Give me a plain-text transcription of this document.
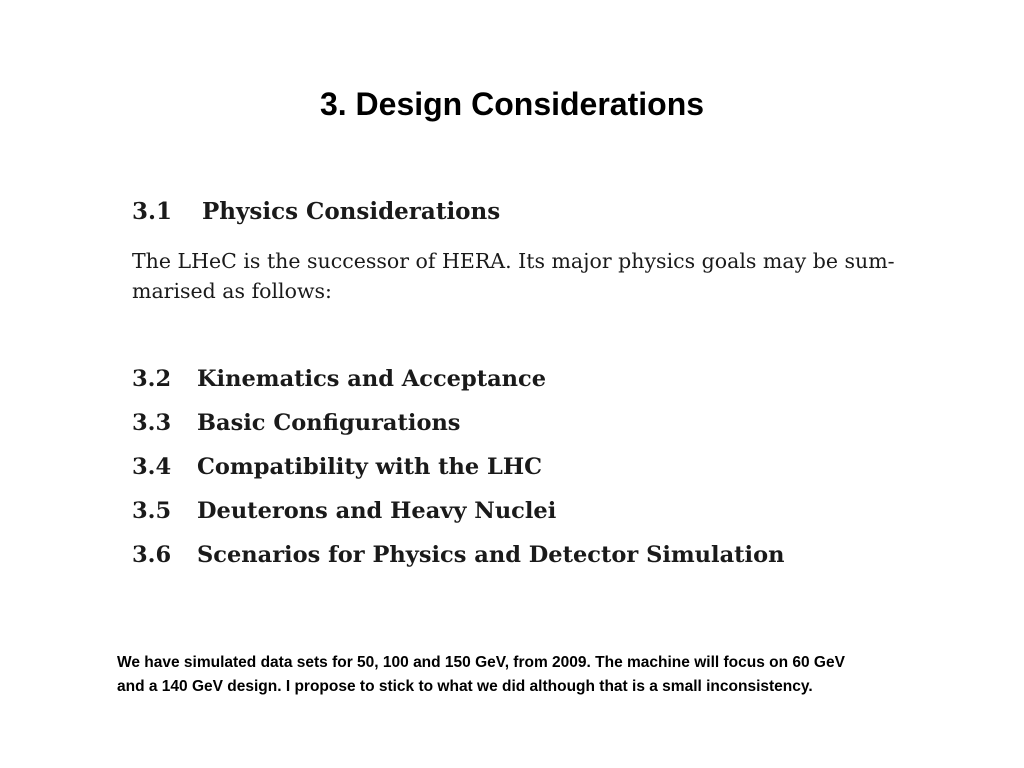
3. Design Considerations
3.1 Physics Considerations
The LHeC is the successor of HERA. Its major physics goals may be sum-
marised as follows:
3.2 Kinematics and Acceptance
3.3 Basic Configurations
3.4 Compatibility with the LHC
3.5 Deuterons and Heavy Nuclei
3.6 Scenarios for Physics and Detector Simulation
We have simulated data sets for 50, 100 and 150 GeV, from 2009. The machine will focus on 60 GeV
and a 140 GeV design. I propose to stick to what we did although that is a small inconsistency.
